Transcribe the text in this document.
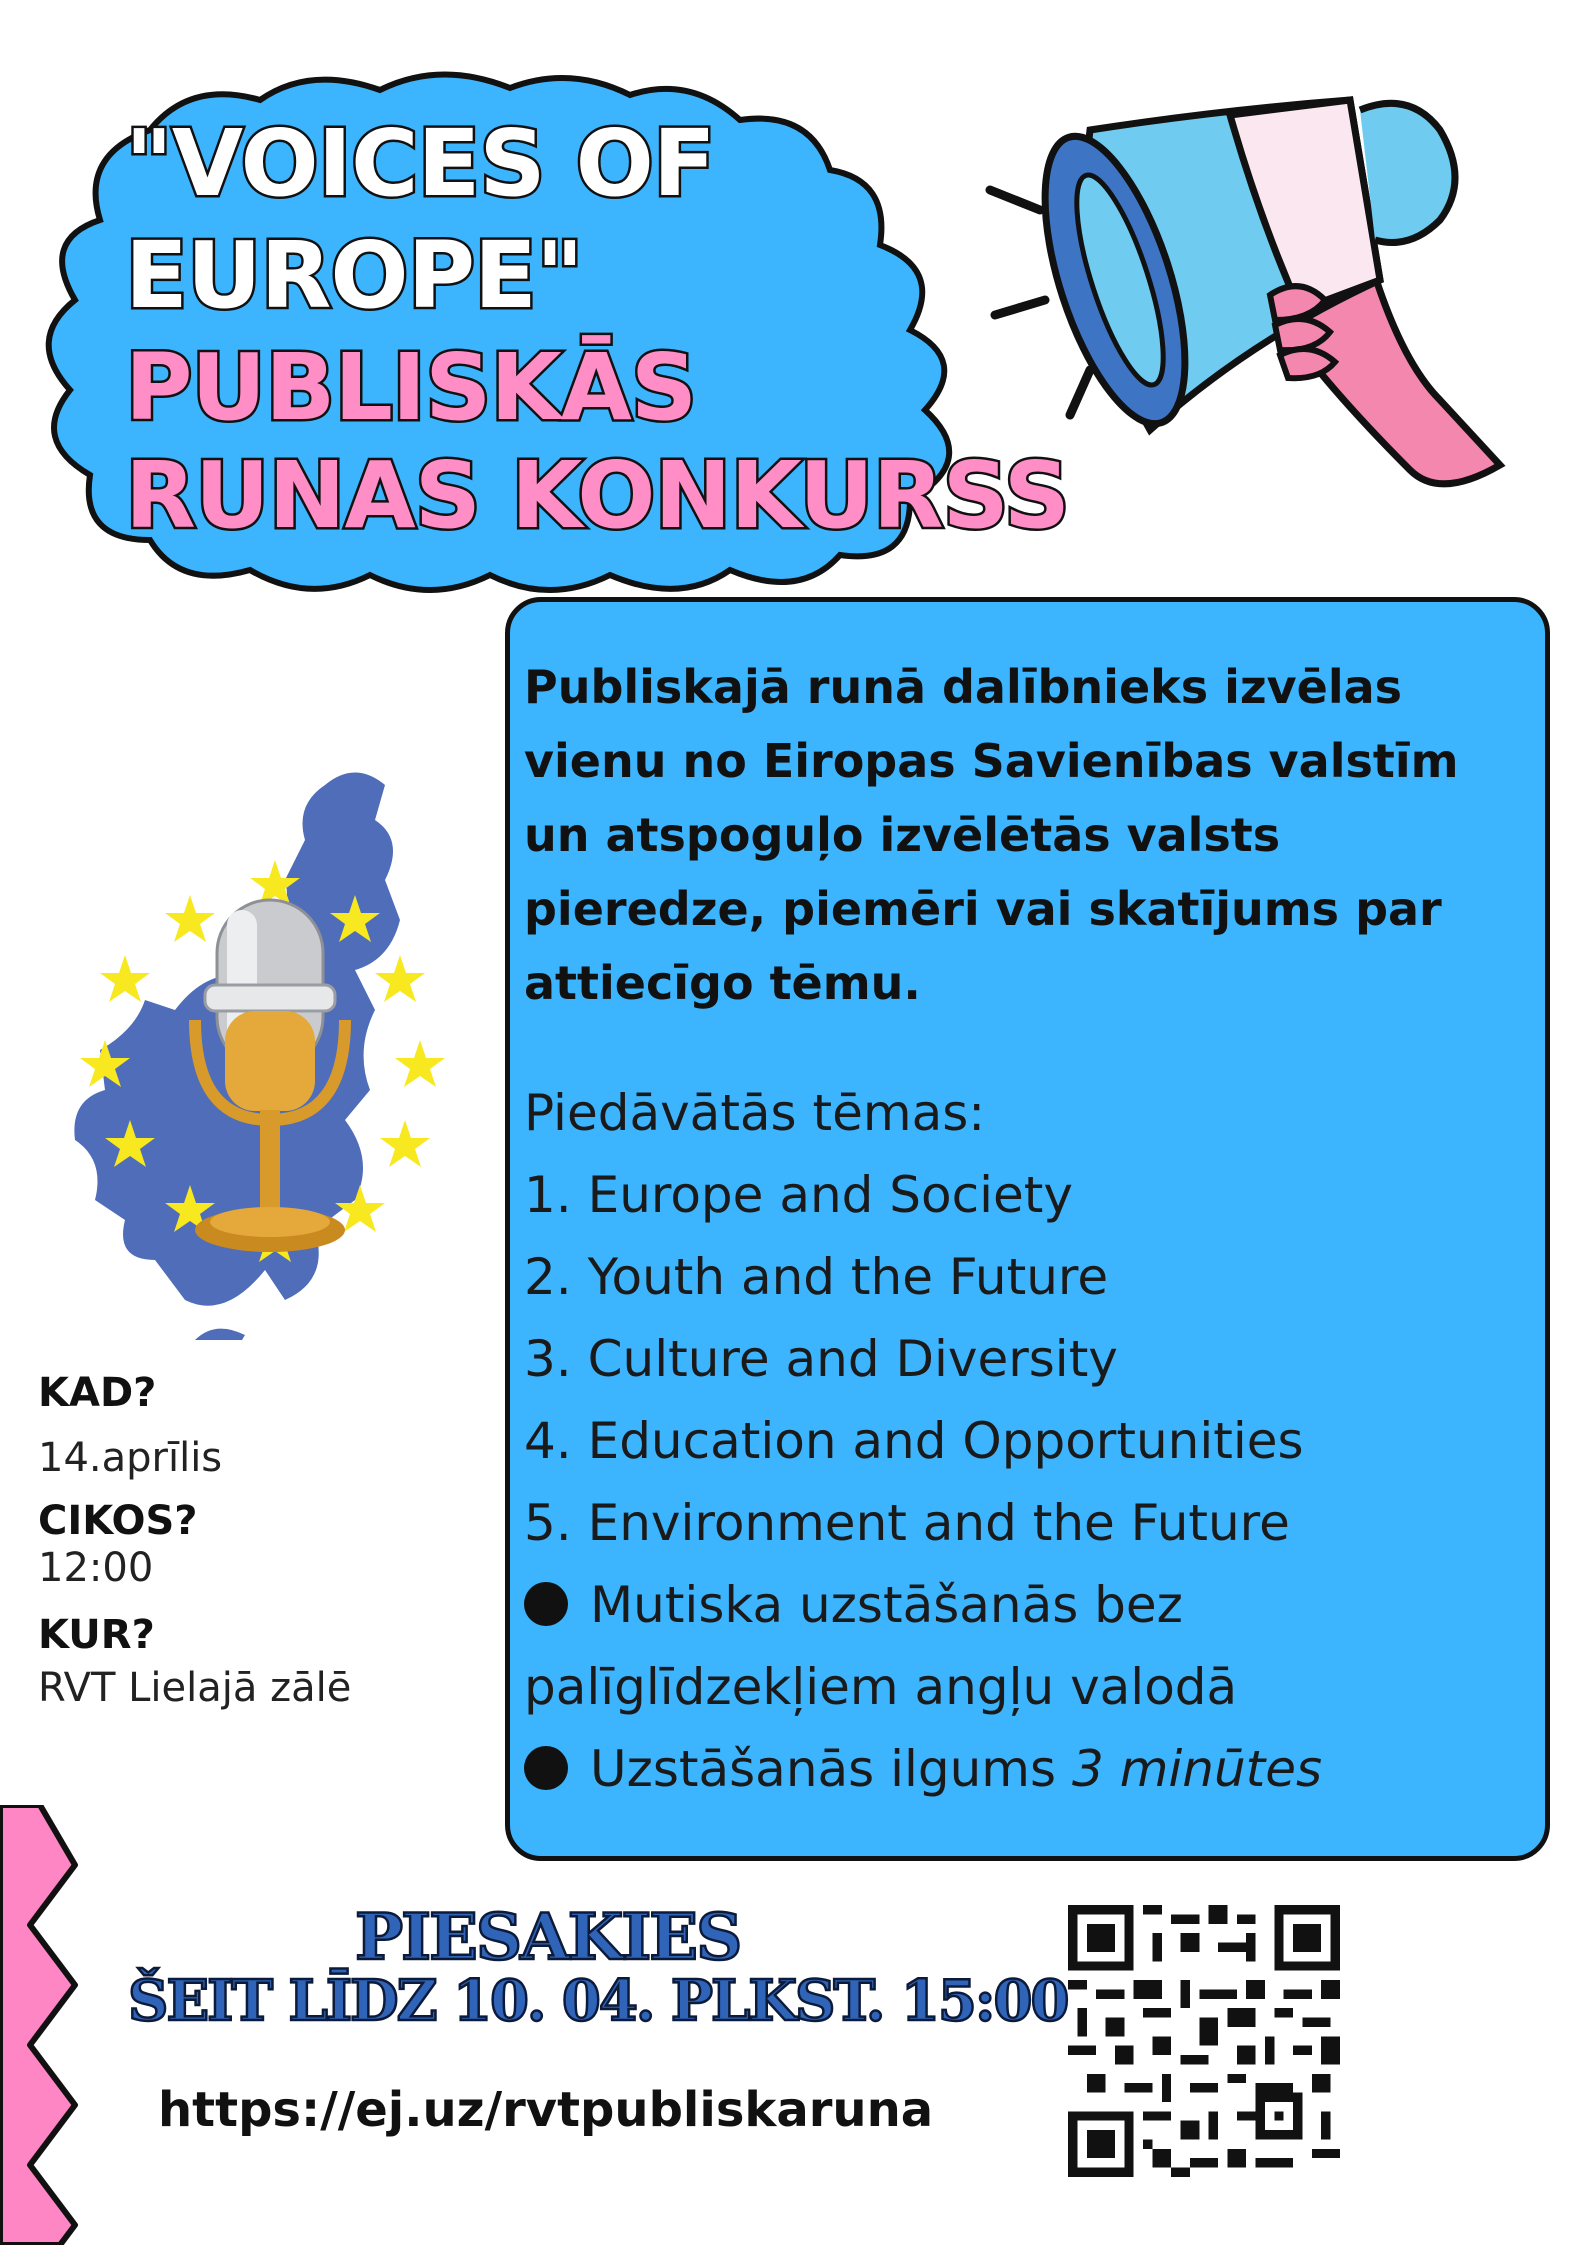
"VOICES OF
EUROPE"
PUBLISKĀS
RUNAS KONKURSS
KAD?
14.aprīlis
CIKOS?
12:00
KUR?
RVT Lielajā zālē

Publiskajā runā dalībnieks izvēlas
vienu no Eiropas Savienības valstīm
un atspoguļo izvēlētās valsts
pieredze, piemēri vai skatījums par
attiecīgo tēmu.

Piedāvātās tēmas:
1. Europe and Society
2. Youth and the Future
3. Culture and Diversity
4. Education and Opportunities
5. Environment and the Future
Mutiska uzstāšanās bez
palīglīdzekļiem angļu valodā
Uzstāšanās ilgums 3 minūtes
PIESAKIES
ŠEIT LĪDZ 10. 04. PLKST. 15:00
https://ej.uz/rvtpubliskaruna
